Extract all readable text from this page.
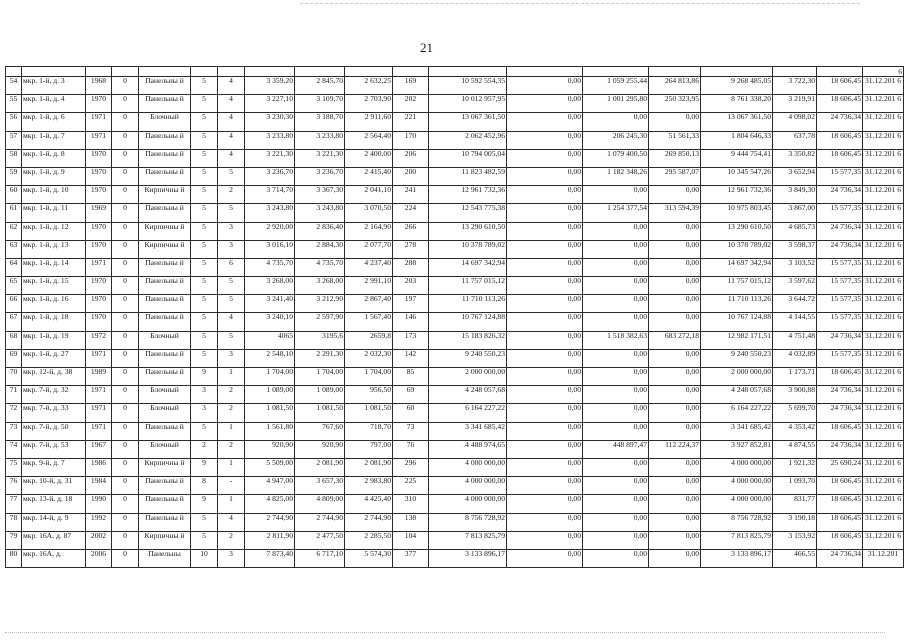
21
																		6
54	мкр. 1-й, д. 3	1968	0	Панельны й	5	4	3 359,20	2 845,70	2 632,25	169	10 592 554,35	0,00	1 059 255,44	264 813,86	9 268 485,05	3 722,30	18 606,45	31.12.201 6
55	мкр. 1-й, д. 4	1970	0	Панельны й	5	4	3 227,10	3 109,70	2 703,90	202	10 012 957,95	0,00	1 001 295,80	250 323,95	8 761 338,20	3 219,91	18 606,45	31.12.201 6
56	мкр. 1-й, д. 6	1971	0	Блочный	5	4	3 230,30	3 188,70	2 911,60	221	13 067 361,50	0,00	0,00	0,00	13 067 361,50	4 098,02	24 736,34	31.12.201 6
57	мкр. 1-й, д. 7	1971	0	Панельны й	5	4	3 233,80	3 233,80	2 564,40	170	2 062 452,96	0,00	206 245,30	51 561,33	1 804 646,33	637,78	18 606,45	31.12.201 6
58	мкр. 1-й, д. 8	1970	0	Панельны й	5	4	3 221,30	3 221,30	2 400,00	206	10 794 005,04	0,00	1 079 400,50	269 850,13	9 444 754,41	3 350,82	18 606,45	31.12.201 6
59	мкр. 1-й, д. 9	1970	0	Панельны й	5	5	3 236,70	3 236,70	2 415,40	200	11 823 482,59	0,00	1 182 348,26	295 587,07	10 345 547,26	3 652,94	15 577,35	31.12.201 6
60	мкр. 1-й, д. 10	1970	0	Кирпичны й	5	2	3 714,70	3 367,30	2 041,10	241	12 961 732,36	0,00	0,00	0,00	12 961 732,36	3 849,30	24 736,34	31.12.201 6
61	мкр. 1-й, д. 11	1969	0	Панельны й	5	5	3 243,80	3 243,80	3 070,50	224	12 543 775,38	0,00	1 254 377,54	313 594,39	10 975 803,45	3 867,00	15 577,35	31.12.201 6
62	мкр. 1-й, д. 12	1970	0	Кирпичны й	5	3	2 920,00	2 836,40	2 164,90	266	13 290 610,50	0,00	0,00	0,00	13 290 610,50	4 685,73	24 736,34	31.12.201 6
63	мкр. 1-й, д. 13	1970	0	Кирпичны й	5	3	3 016,10	2 884,30	2 077,70	278	10 378 789,02	0,00	0,00	0,00	10 378 789,02	3 598,37	24 736,34	31.12.201 6
64	мкр. 1-й, д. 14	1971	0	Панельны й	5	6	4 735,70	4 735,70	4 237,40	288	14 697 342,94	0,00	0,00	0,00	14 697 342,94	3 103,52	15 577,35	31.12.201 6
65	мкр. 1-й, д. 15	1970	0	Панельны й	5	5	3 268,00	3 268,00	2 991,10	203	11 757 015,12	0,00	0,00	0,00	11 757 015,12	3 597,62	15 577,35	31.12.201 6
66	мкр. 1-й, д. 16	1970	0	Панельны й	5	5	3 241,40	3 212,90	2 867,40	197	11 710 113,26	0,00	0,00	0,00	11 710 113,26	3 644,72	15 577,35	31.12.201 6
67	мкр. 1-й, д. 18	1970	0	Панельны й	5	4	3 240,10	2 597,90	1 567,40	146	10 767 124,88	0,00	0,00	0,00	10 767 124,88	4 144,55	15 577,35	31.12.201 6
68	мкр. 1-й, д. 19	1972	0	Блочный	5	5	4065	3195,6	2659,8	173	15 183 826,32	0,00	1 518 382,63	683 272,18	12 982 171,51	4 751,48	24 736,34	31.12.201 6
69	мкр. 1-й, д. 27	1971	0	Панельны й	5	3	2 548,10	2 291,30	2 032,30	142	9 240 550,23	0,00	0,00	0,00	9 240 550,23	4 032,89	15 577,35	31.12.201 6
70	мкр. 12-й, д. 38	1989	0	Панельны й	9	1	1 704,00	1 704,00	1 704,00	85	2 000 000,00	0,00	0,00	0,00	2 000 000,00	1 173,71	18 606,45	31.12.201 6
71	мкр. 7-й, д. 32	1971	0	Блочный	3	2	1 089,00	1 089,00	956,50	69	4 248 057,68	0,00	0,00	0,00	4 248 057,68	3 900,88	24 736,34	31.12.201 6
72	мкр. 7-й, д. 33	1971	0	Блочный	3	2	1 081,50	1 081,50	1 081,50	60	6 164 227,22	0,00	0,00	0,00	6 164 227,22	5 699,70	24 736,34	31.12.201 6
73	мкр. 7-й, д. 50	1971	0	Панельны й	5	1	1 561,80	767,60	718,70	73	3 341 685,42	0,00	0,00	0,00	3 341 685,42	4 353,42	18 606,45	31.12.201 6
74	мкр. 7-й, д. 53	1967	0	Блочный	2	2	920,90	920,90	797,00	76	.4 488 974,65	0,00	448 897,47	112 224,37	3 927 852,81	4 874,55	24 736,34	31.12.201 6
75	мкр. 9-й, д. 7	1986	0	Кирпичны й	9	1	5 509,00	2 081,90	2 081,90	296	4 000 000,00	0,00	0,00	0,00	4 000 000,00	1 921,32	25 690,24	31.12.201 6
76	мкр. 10-й, д. 31	1984	0	Панельны й	8	-	4 947,00	3 657,30	2 983,80	225	4 000 000,00	0,00	0,00	0,00	4 000 000,00	1 093,70	18 606,45	31.12.201 6
77	мкр. 13-й, д. 18	1990	0	Панельны й	9	1	4 825,00	4 809,00	4 425,40	310	4 000 000,00	0,00	0,00	0,00	4 000 000,00	831,77	18 606,45	31.12.201 6
78	мкр. 14-й, д. 9	1992	0	Панельны й	5	4	2 744,90	2 744,90	2 744,90	138	8 756 728,92	0,00	0,00	0,00	8 756 728,92	3 190,18	18 606,45	31.12.201 6
79	мкр. 16А, д. 87	2002	0	Кирпичны й	5	2	2 811,90	2 477,50	2 285,50	104	7 813 825,79	0,00	0,00	0,00	7 813 825,79	3 153,92	18 606,45	31.12.201 6
80	мкр. 16А, д.	2006	0	Панельны	10	3	7 873,40	6 717,10	5 574,30	377	3 133 896,17	0,00	0,00	0,00	3 133 896,17	466,55	24 736,34	31.12.201
